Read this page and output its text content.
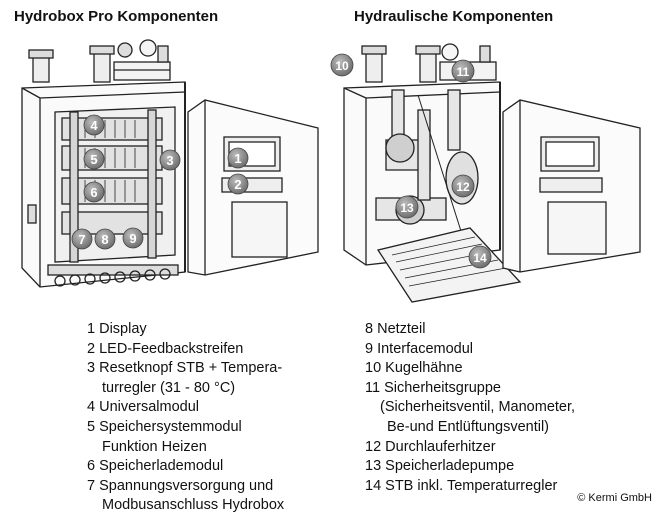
Hydrobox Pro Komponenten	Hydraulische Komponenten
1
2
3
4
5
6
7 8 9
10	11
12
13
14
1 Display
2 LED-Feedbackstreifen
3 Resetknopf STB + Tempera-
turregler (31 - 80 °C)
4 Universalmodul
5 Speichersystemmodul
Funktion Heizen
6 Speicherlademodul
7 Spannungsversorgung und
Modbusanschluss Hydrobox
8 Netzteil
9 Interfacemodul
10 Kugelhähne
11 Sicherheitsgruppe
(Sicherheitsventil, Manometer,
Be-und Entlüftungsventil)
12 Durchlauferhitzer
13 Speicherladepumpe
14 STB inkl. Temperaturregler
© Kermi GmbH
